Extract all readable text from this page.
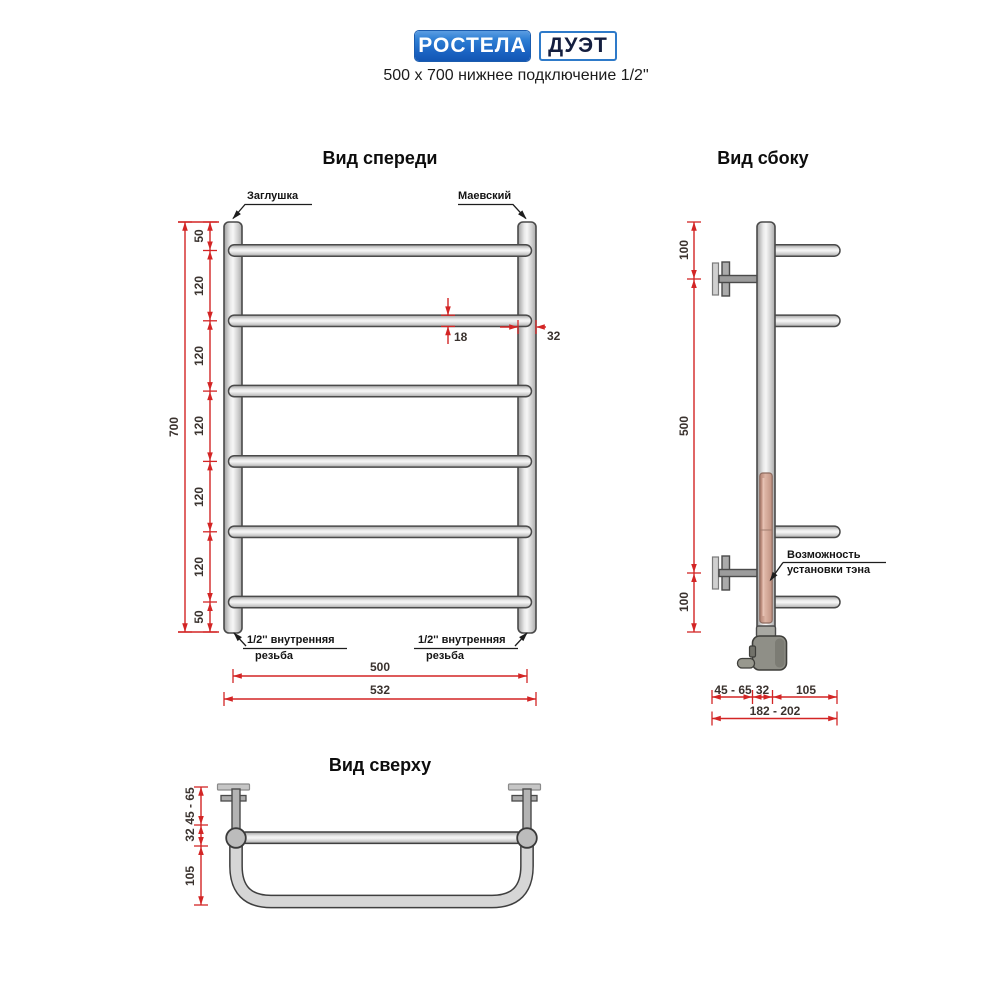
РОСТЕЛА	ДУЭТ
500 x 700 нижнее подключение 1/2"
Вид спереди
Заглушка	Маевский
700
50
120
120
120
120
120
50
18	32
1/2'' внутренняя
резьба
1/2'' внутренняя
резьба
500
532
Вид сбоку
100
500
100
Возможность
установки тэна
45 - 65 32	105
182 - 202
Вид сверху
45 - 65
32
105
